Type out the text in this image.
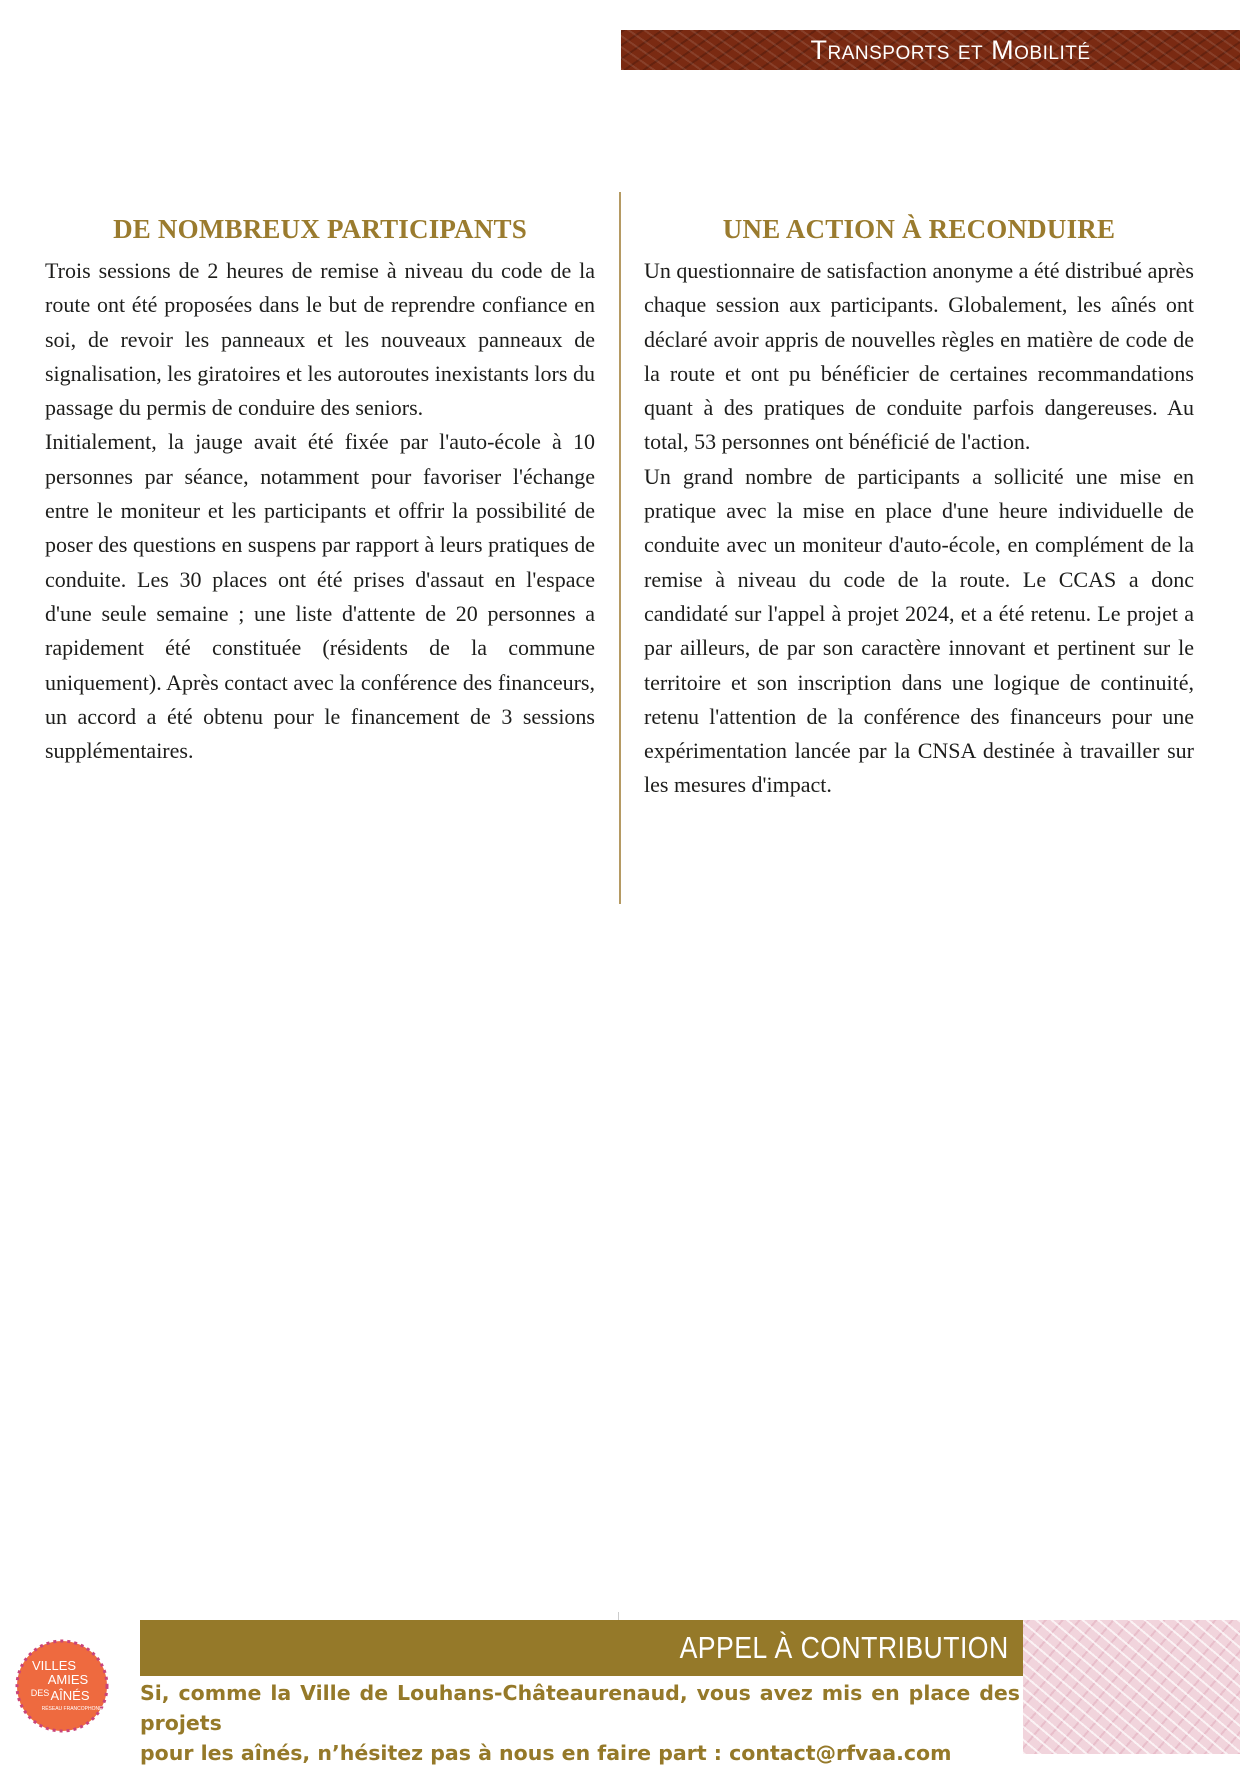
Transports et Mobilité
DE NOMBREUX PARTICIPANTS

Trois sessions de 2 heures de remise à niveau du code de la route ont été proposées dans le but de reprendre confiance en soi, de revoir les panneaux et les nouveaux panneaux de signalisation, les giratoires et les autoroutes inexistants lors du passage du permis de conduire des seniors.

Initialement, la jauge avait été fixée par l'auto-école à 10 personnes par séance, notamment pour favoriser l'échange entre le moniteur et les participants et offrir la possibilité de poser des questions en suspens par rapport à leurs pratiques de conduite. Les 30 places ont été prises d'assaut en l'espace d'une seule semaine ; une liste d'attente de 20 personnes a rapidement été constituée (résidents de la commune uniquement). Après contact avec la conférence des financeurs, un accord a été obtenu pour le financement de 3 sessions supplémentaires.

UNE ACTION À RECONDUIRE

Un questionnaire de satisfaction anonyme a été distribué après chaque session aux participants. Globalement, les aînés ont déclaré avoir appris de nouvelles règles en matière de code de la route et ont pu bénéficier de certaines recommandations quant à des pratiques de conduite parfois dangereuses. Au total, 53 personnes ont bénéficié de l'action.

Un grand nombre de participants a sollicité une mise en pratique avec la mise en place d'une heure individuelle de conduite avec un moniteur d'auto-école, en complément de la remise à niveau du code de la route. Le CCAS a donc candidaté sur l'appel à projet 2024, et a été retenu. Le projet a par ailleurs, de par son caractère innovant et pertinent sur le territoire et son inscription dans une logique de continuité, retenu l'attention de la conférence des financeurs pour une expérimentation lancée par la CNSA destinée à travailler sur les mesures d'impact.

APPEL À CONTRIBUTION
Si, comme la Ville de Louhans-Châteaurenaud, vous avez mis en place des projets
pour les aînés, n’hésitez pas à nous en faire part : contact@rfvaa.com
VILLES
AMIES
DES AÎNÉS
RÉSEAU FRANCOPHONE
